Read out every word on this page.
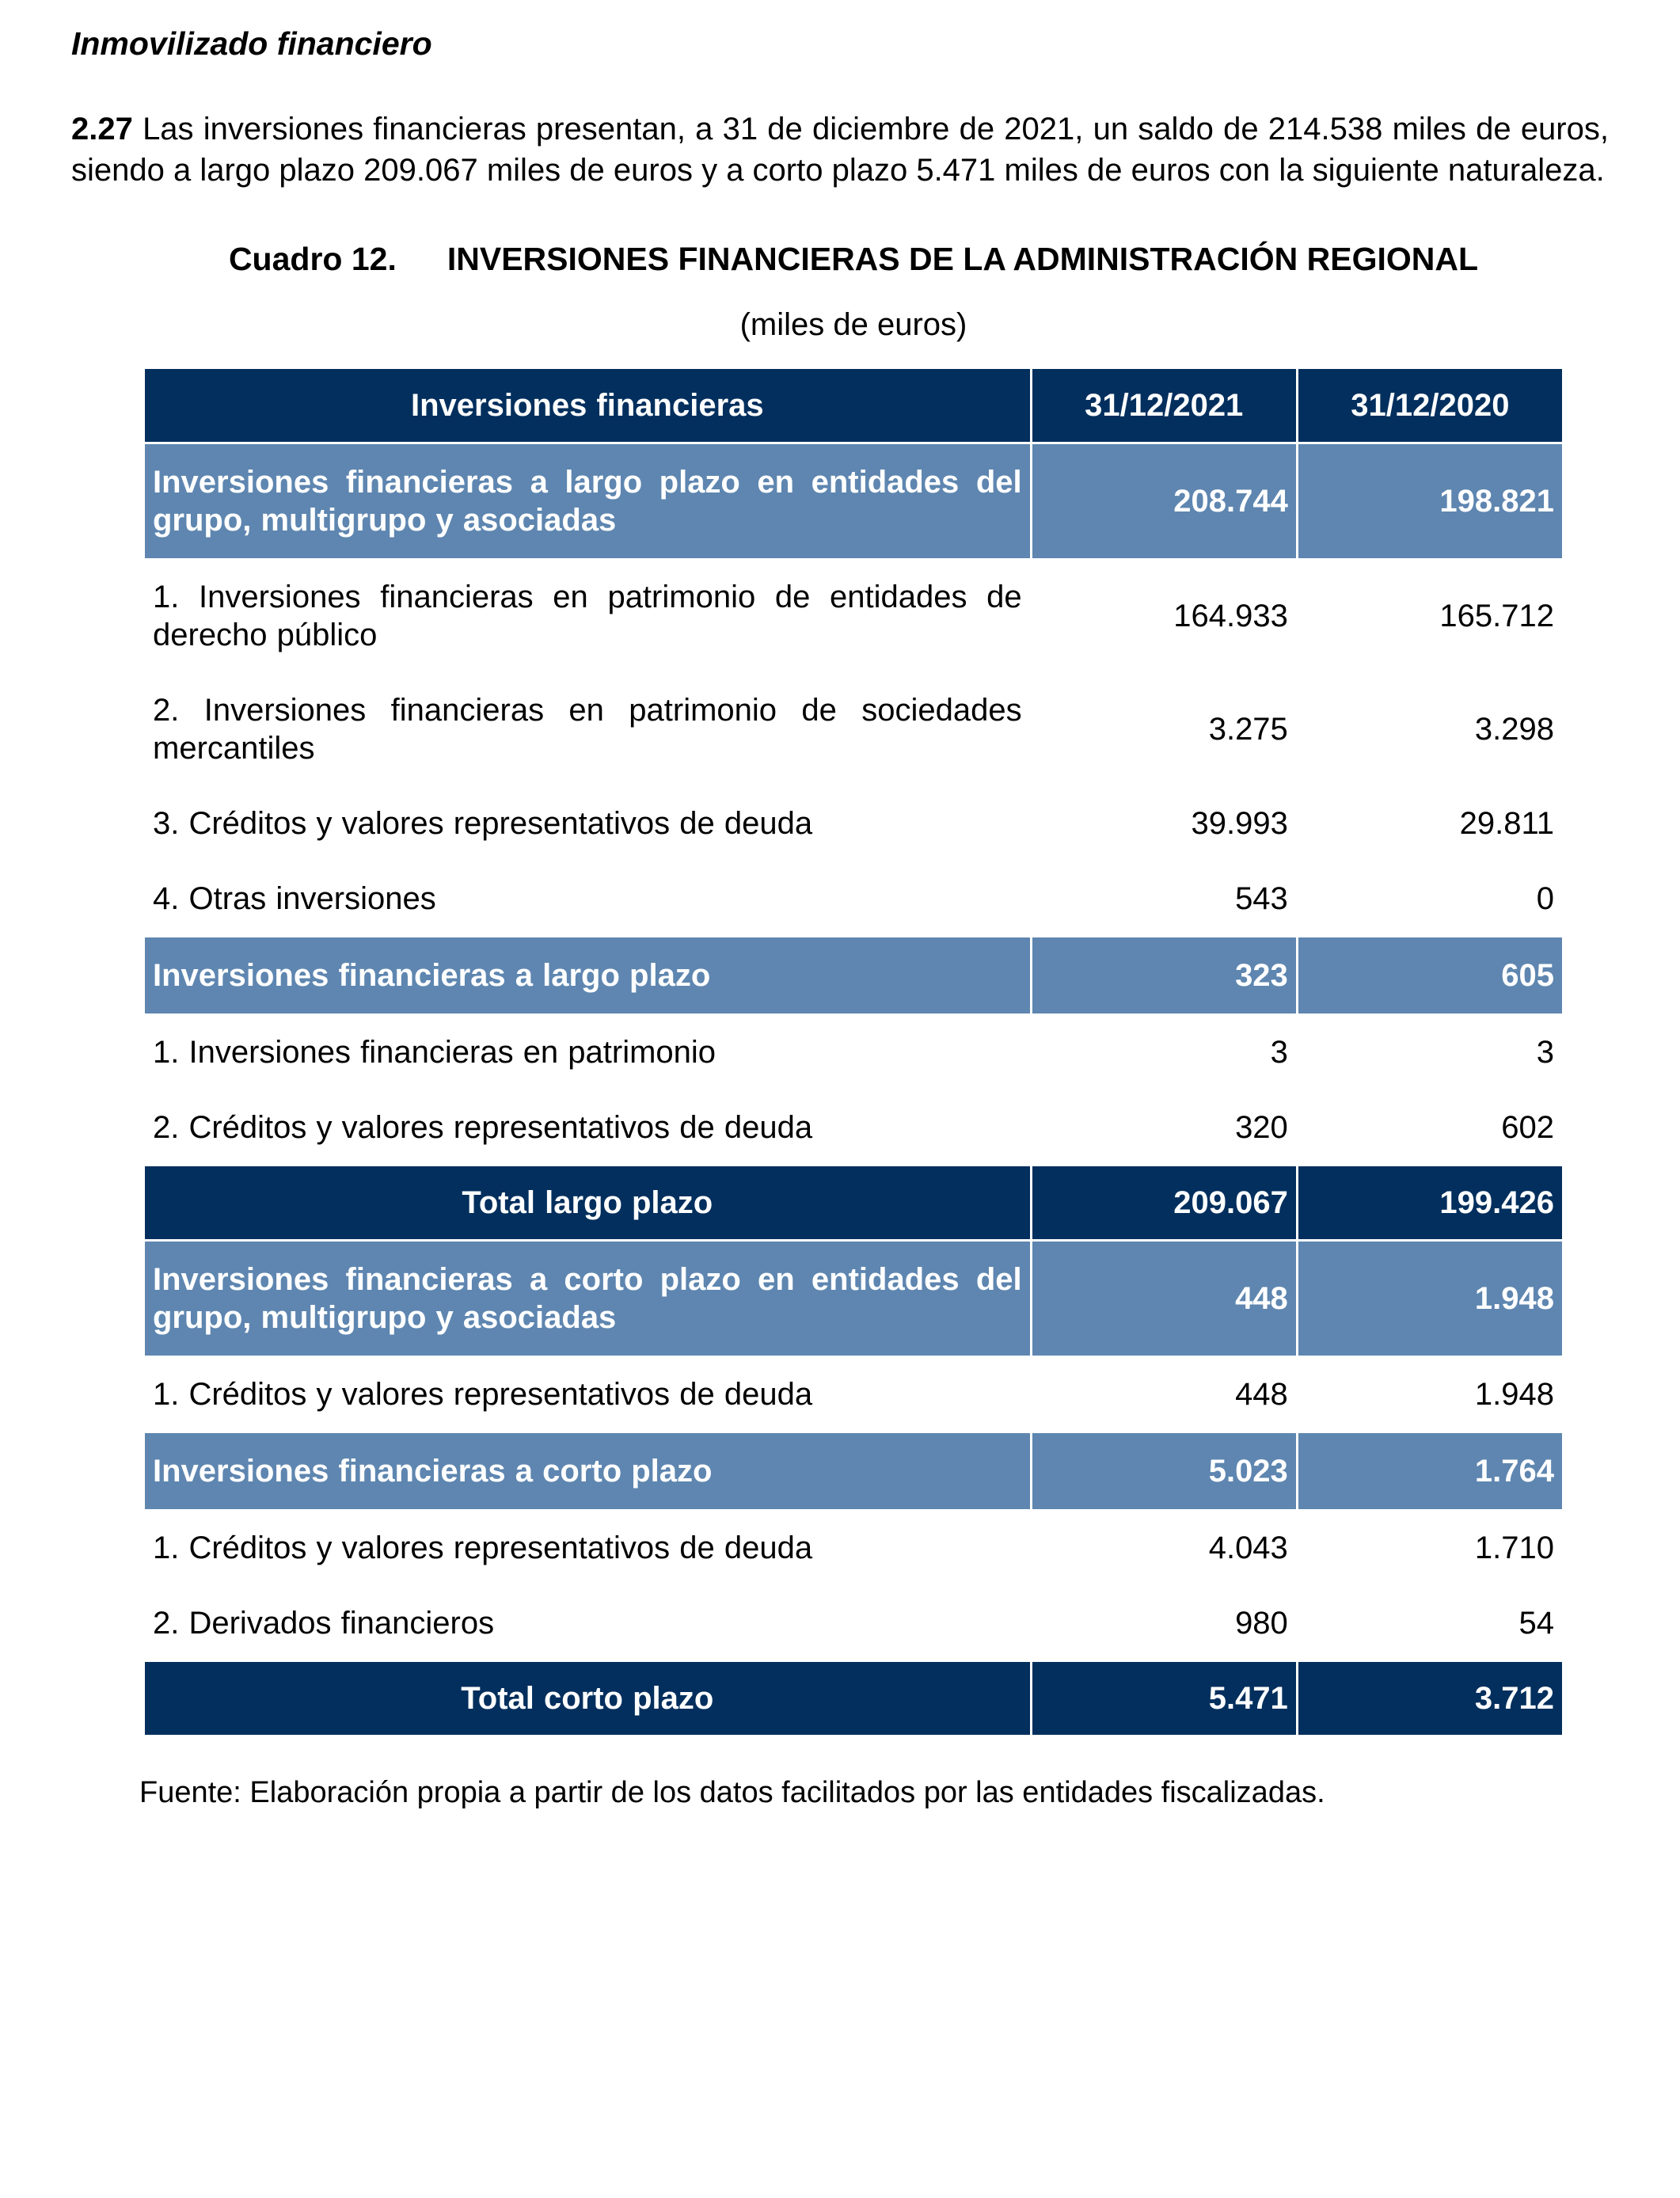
Inmovilizado financiero

2.27 Las inversiones financieras presentan, a 31 de diciembre de 2021, un saldo de 214.538 miles de euros, siendo a largo plazo 209.067 miles de euros y a corto plazo 5.471 miles de euros con la siguiente naturaleza.

Cuadro 12. INVERSIONES FINANCIERAS DE LA ADMINISTRACIÓN REGIONAL
(miles de euros)
Inversiones financieras	31/12/2021	31/12/2020
Inversiones financieras a largo plazo en entidades del grupo, multigrupo y asociadas	208.744	198.821
1. Inversiones financieras en patrimonio de entidades de derecho público	164.933	165.712
2. Inversiones financieras en patrimonio de sociedades mercantiles	3.275	3.298
3. Créditos y valores representativos de deuda	39.993	29.811
4. Otras inversiones	543	0
Inversiones financieras a largo plazo	323	605
1. Inversiones financieras en patrimonio	3	3
2. Créditos y valores representativos de deuda	320	602
Total largo plazo	209.067	199.426
Inversiones financieras a corto plazo en entidades del grupo, multigrupo y asociadas	448	1.948
1. Créditos y valores representativos de deuda	448	1.948
Inversiones financieras a corto plazo	5.023	1.764
1. Créditos y valores representativos de deuda	4.043	1.710
2. Derivados financieros	980	54
Total corto plazo	5.471	3.712
Fuente: Elaboración propia a partir de los datos facilitados por las entidades fiscalizadas.
